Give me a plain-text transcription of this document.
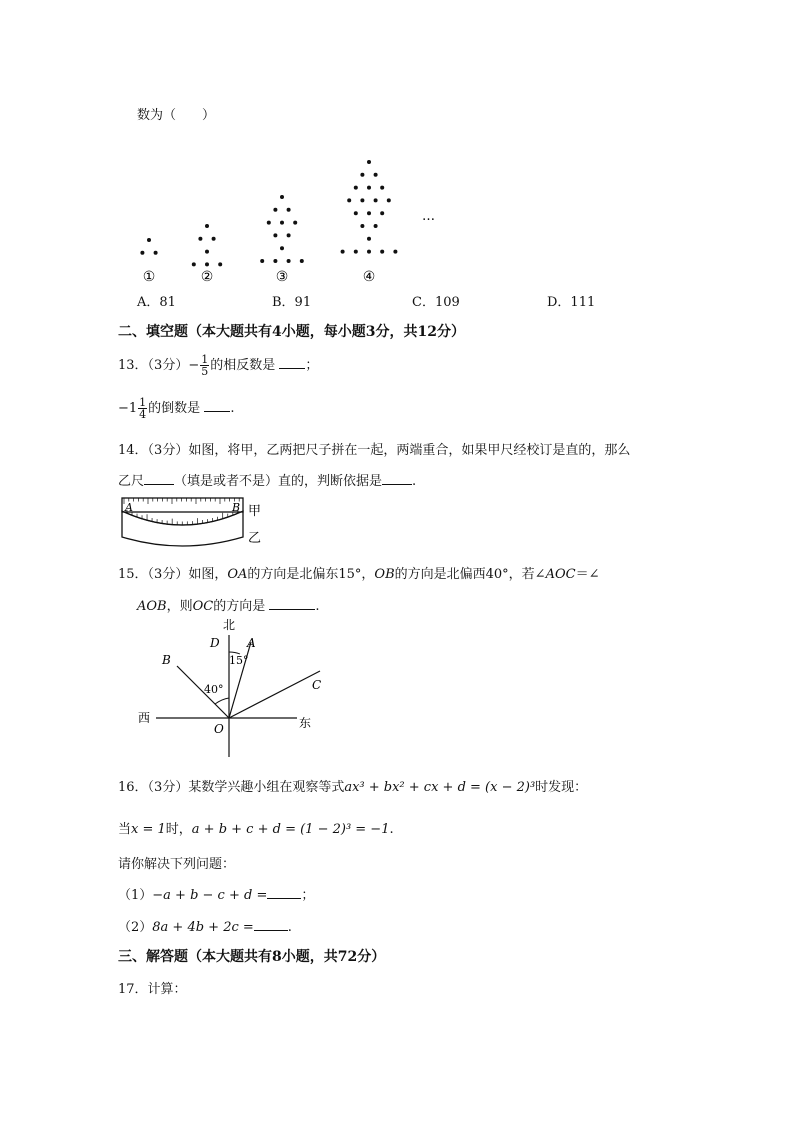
数为（　　）
①	②	③	④
…
A．81	B．91	C．109	D．111
二、填空题（本大题共有4小题，每小题3分，共12分）
13．（3分）− $\frac{1}{5}$ 的相反数是 ；
$-1 \frac{1}{4}$ 的倒数是 .
14．（3分）如图，将甲，乙两把尺子拼在一起，两端重合，如果甲尺经校订是直的，那么
乙尺 （填是或者不是）直的，判断依据是 .
A	B 甲
乙
15．（3分）如图，OA的方向是北偏东15°，OB的方向是北偏西40°，若∠AOC＝∠
AOB，则OC的方向是	.
北
西	东
D A
B
C
O
15°
40°
16．（3分）某数学兴趣小组在观察等式ax³ + bx² + cx + d = (x − 2)³时发现：
当x = 1时，a + b + c + d = (1 − 2)³ = −1.
请你解决下列问题：
（1）−a + b − c + d =	；
（2）8a + 4b + 2c =	.
三、解答题（本大题共有8小题，共72分）
17．计算：
